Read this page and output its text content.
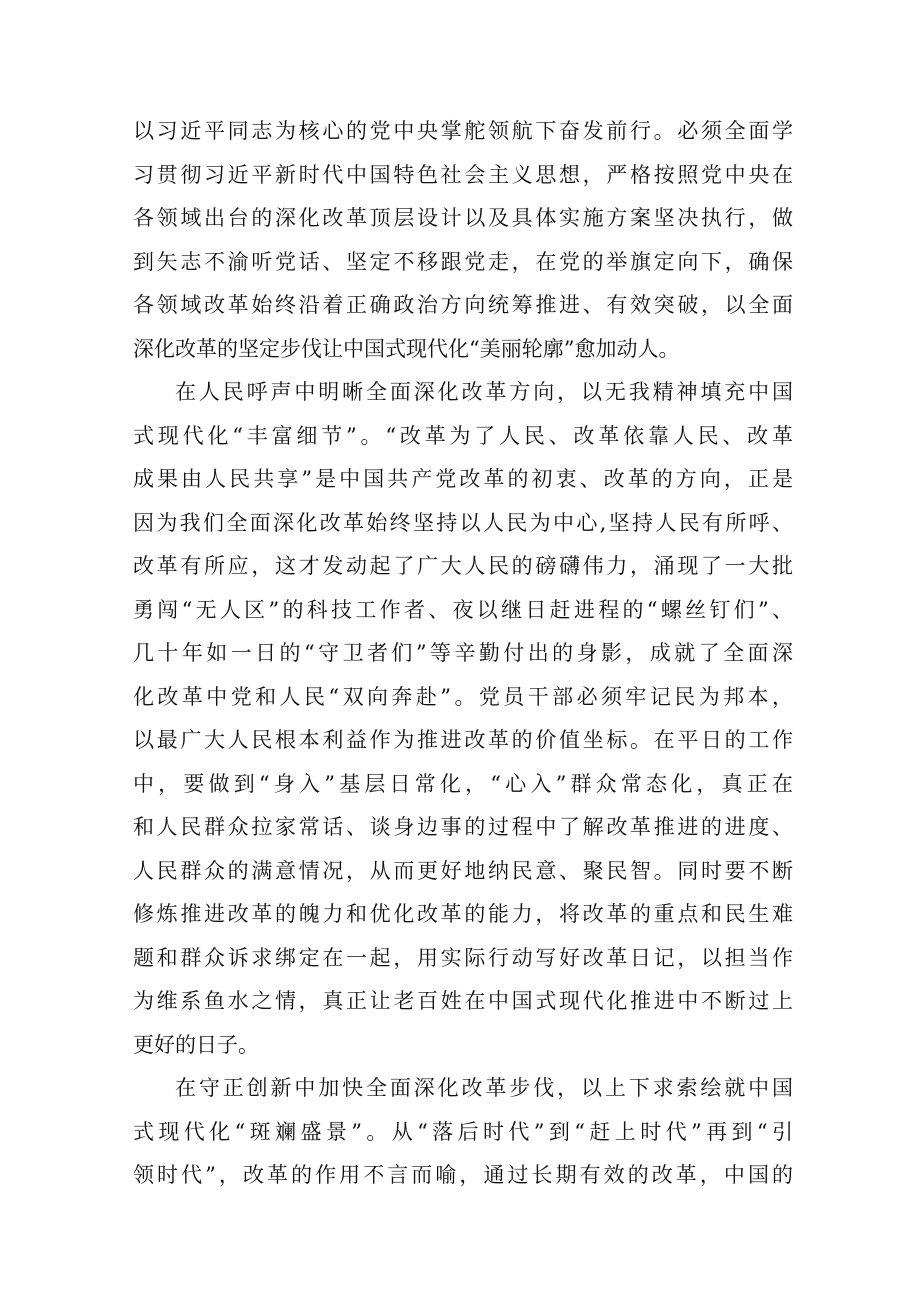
以习近平同志为核心的党中央掌舵领航下奋发前行。必须全面学
习贯彻习近平新时代中国特色社会主义思想，严格按照党中央在
各领域出台的深化改革顶层设计以及具体实施方案坚决执行，做
到矢志不渝听党话、坚定不移跟党走，在党的举旗定向下，确保
各领域改革始终沿着正确政治方向统筹推进、有效突破，以全面
深化改革的坚定步伐让中国式现代化“美丽轮廓”愈加动人。
在人民呼声中明晰全面深化改革方向，以无我精神填充中国
式现代化“丰富细节”。“改革为了人民、改革依靠人民、改革
成果由人民共享”是中国共产党改革的初衷、改革的方向，正是
因为我们全面深化改革始终坚持以人民为中心,坚持人民有所呼、
改革有所应，这才发动起了广大人民的磅礴伟力，涌现了一大批
勇闯“无人区”的科技工作者、夜以继日赶进程的“螺丝钉们”、
几十年如一日的“守卫者们”等辛勤付出的身影，成就了全面深
化改革中党和人民“双向奔赴”。党员干部必须牢记民为邦本，
以最广大人民根本利益作为推进改革的价值坐标。在平日的工作
中，要做到“身入”基层日常化，“心入”群众常态化，真正在
和人民群众拉家常话、谈身边事的过程中了解改革推进的进度、
人民群众的满意情况，从而更好地纳民意、聚民智。同时要不断
修炼推进改革的魄力和优化改革的能力，将改革的重点和民生难
题和群众诉求绑定在一起，用实际行动写好改革日记，以担当作
为维系鱼水之情，真正让老百姓在中国式现代化推进中不断过上
更好的日子。
在守正创新中加快全面深化改革步伐，以上下求索绘就中国
式现代化“斑斓盛景”。从“落后时代”到“赶上时代”再到“引
领时代”，改革的作用不言而喻，通过长期有效的改革，中国的
